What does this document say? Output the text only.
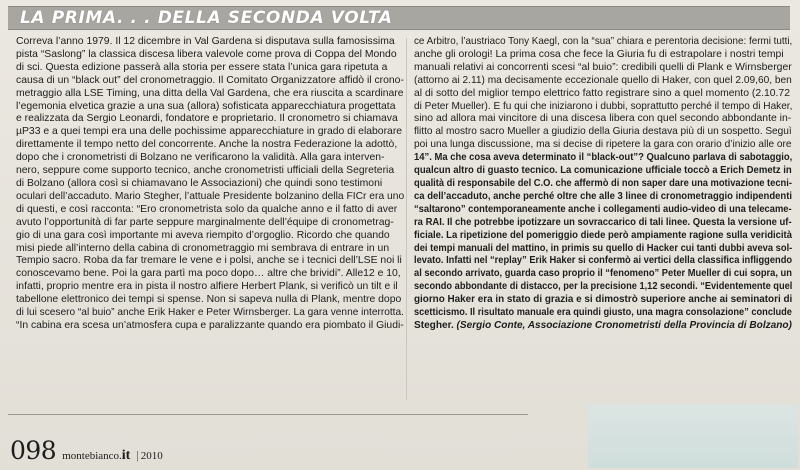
LA PRIMA. . . DELLA SECONDA VOLTA

Correva l’anno 1979. Il 12 dicembre in Val Gardena si disputava sulla famosissima

pista “Saslong” la classica discesa libera valevole come prova di Coppa del Mondo

di sci. Questa edizione passerà alla storia per essere stata l’unica gara ripetuta a

causa di un “black out” del cronometraggio. Il Comitato Organizzatore affidò il crono-

metraggio alla LSE Timing, una ditta della Val Gardena, che era riuscita a scardinare

l’egemonia elvetica grazie a una sua (allora) sofisticata apparecchiatura progettata

e realizzata da Sergio Leonardi, fondatore e proprietario. Il cronometro si chiamava

µP33 e a quei tempi era una delle pochissime apparecchiature in grado di elaborare

direttamente il tempo netto del concorrente. Anche la nostra Federazione la adottò,

dopo che i cronometristi di Bolzano ne verificarono la validità. Alla gara interven-

nero, seppure come supporto tecnico, anche cronometristi ufficiali della Segreteria

di Bolzano (allora così si chiamavano le Associazioni) che quindi sono testimoni

oculari dell’accaduto. Mario Stegher, l’attuale Presidente bolzanino della FICr era uno

di questi, e così racconta: “Ero cronometrista solo da qualche anno e il fatto di aver

avuto l’opportunità di far parte seppure marginalmente dell’équipe di cronometrag-

gio di una gara così importante mi aveva riempito d’orgoglio. Ricordo che quando

misi piede all’interno della cabina di cronometraggio mi sembrava di entrare in un

Tempio sacro. Roba da far tremare le vene e i polsi, anche se i tecnici dell’LSE noi li

conoscevamo bene. Poi la gara partì ma poco dopo… altre che brividi”. Alle12 e 10,

infatti, proprio mentre era in pista il nostro alfiere Herbert Plank, si verificò un tilt e il

tabellone elettronico dei tempi si spense. Non si sapeva nulla di Plank, mentre dopo

di lui scesero “al buio” anche Erik Haker e Peter Wirnsberger. La gara venne interrotta.

“In cabina era scesa un’atmosfera cupa e paralizzante quando era piombato il Giudi-

ce Arbitro, l’austriaco Tony Kaegl, con la “sua” chiara e perentoria decisione: fermi tutti,

anche gli orologi! La prima cosa che fece la Giuria fu di estrapolare i nostri tempi

manuali relativi ai concorrenti scesi “al buio”: credibili quelli di Plank e Wirnsberger

(attorno ai 2.11) ma decisamente eccezionale quello di Haker, con quel 2.09,60, ben

al di sotto del miglior tempo elettrico fatto registrare sino a quel momento (2.10.72

di Peter Mueller). E fu qui che iniziarono i dubbi, soprattutto perché il tempo di Haker,

sino ad allora mai vincitore di una discesa libera con quel secondo abbondante in-

flitto al mostro sacro Mueller a giudizio della Giuria destava più di un sospetto. Seguì

poi una lunga discussione, ma si decise di ripetere la gara con orario d’inizio alle ore

14”. Ma che cosa aveva determinato il “black-out”? Qualcuno parlava di sabotaggio,

qualcun altro di guasto tecnico. La comunicazione ufficiale toccò a Erich Demetz in

qualità di responsabile del C.O. che affermò di non saper dare una motivazione tecni-

ca dell’accaduto, anche perché oltre che alle 3 linee di cronometraggio indipendenti

“saltarono” contemporaneamente anche i collegamenti audio-video di una telecame-

ra RAI. Il che potrebbe ipotizzare un sovraccarico di tali linee. Questa la versione uf-

ficiale. La ripetizione del pomeriggio diede però ampiamente ragione sulla veridicità

dei tempi manuali del mattino, in primis su quello di Hacker cui tanti dubbi aveva sol-

levato. Infatti nel “replay” Erik Haker si confermò ai vertici della classifica infliggendo

al secondo arrivato, guarda caso proprio il “fenomeno” Peter Mueller di cui sopra, un

secondo abbondante di distacco, per la precisione 1,12 secondi. “Evidentemente quel

giorno Haker era in stato di grazia e si dimostrò superiore anche ai seminatori di

scetticismo. Il risultato manuale era quindi giusto, una magra consolazione” conclude

Stegher. (Sergio Conte, Associazione Cronometristi della Provincia di Bolzano)

098 montebianco. it | 2010
